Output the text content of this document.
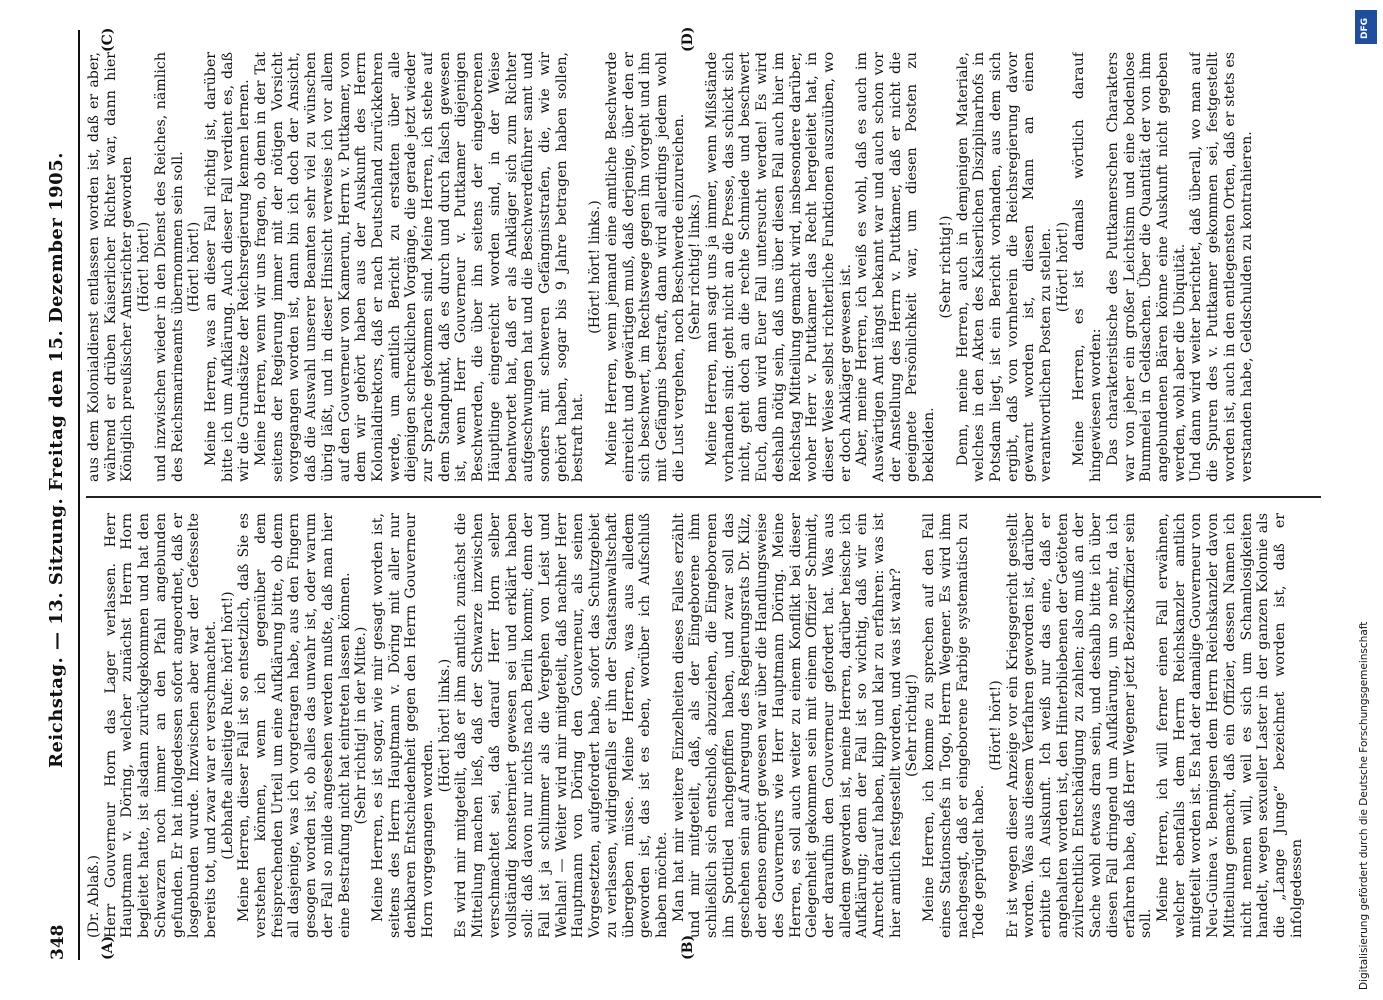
348
Reichstag. — 13. Sitzung. Freitag den 15. Dezember 1905.
(A)	(B)
(C)	(D)

(Dr. Ablaß.) Herr Gouverneur Horn das Lager verlassen. Herr Hauptmann v. Döring, welcher zunächst Herrn Horn begleitet hatte, ist alsdann zurückgekommen und hat den Schwarzen noch immer an den Pfahl angebunden gefunden. Er hat infolgedessen sofort angeordnet, daß er losgebunden wurde. Inzwischen aber war der Gefesselte bereits tot, und zwar war er verschmachtet. (Lebhafte allseitige Rufe: hört! hört!) Meine Herren, dieser Fall ist so entsetzlich, daß Sie es verstehen können, wenn ich gegenüber dem freisprechenden Urteil um eine Aufklärung bitte, ob denn all dasjenige, was ich vorgetragen habe, aus den Fingern gesogen worden ist, ob alles das unwahr ist, oder warum der Fall so milde angesehen werden mußte, daß man hier eine Bestrafung nicht hat eintreten lassen können. (Sehr richtig! in der Mitte.) Meine Herren, es ist sogar, wie mir gesagt worden ist, seitens des Herrn Hauptmann v. Döring mit aller nur denkbaren Entschiedenheit gegen den Herrn Gouverneur Horn vorgegangen worden.

(Hört! hört! links.) Es wird mir mitgeteilt, daß er ihm amtlich zunächst die Mitteilung machen ließ, daß der Schwarze inzwischen verschmachtet sei, daß darauf Herr Horn selber vollständig konsterniert gewesen sei und erklärt haben soll: daß davon nur nichts nach Berlin kommt; denn der Fall ist ja schlimmer als die Vergehen von Leist und Wehlan! — Weiter wird mir mitgeteilt, daß nachher Herr Hauptmann von Döring den Gouverneur, als seinen Vorgesetzten, aufgefordert habe, sofort das Schutzgebiet zu verlassen, widrigenfalls er ihn der Staatsanwaltschaft übergeben müsse. Meine Herren, was aus alledem geworden ist, das ist es eben, worüber ich Aufschluß haben möchte. Man hat mir weitere Einzelheiten dieses Falles erzählt und mir mitgeteilt, daß, als der Eingeborene ihm schließlich sich entschloß, abzuziehen, die Eingeborenen ihn Spottlied nachgepfiffen haben, und zwar soll das geschehen sein auf Anregung des Regierungsrats Dr. Kilz, der ebenso empört gewesen war über die Handlungsweise des Gouverneurs wie Herr Hauptmann Döring. Meine Herren, es soll auch weiter zu einem Konflikt bei dieser Gelegenheit gekommen sein mit einem Offizier Schmidt, der daraufhin den Gouverneur gefordert hat. Was aus alledem geworden ist, meine Herren, darüber heische ich Aufklärung; denn der Fall ist so wichtig, daß wir ein Anrecht darauf haben, klipp und klar zu erfahren: was ist hier amtlich festgestellt worden, und was ist wahr? (Sehr richtig!) Meine Herren, ich komme zu sprechen auf den Fall eines Stationschefs in Togo, Herrn Wegener. Es wird ihm nachgesagt, daß er eingeborene Farbige systematisch zu Tode geprügelt habe.

(Hört! hört!) Er ist wegen dieser Anzeige vor ein Kriegsgericht gestellt worden. Was aus diesem Verfahren geworden ist, darüber erbitte ich Auskunft. Ich weiß nur das eine, daß er angehalten worden ist, den Hinterbliebenen der Getöteten zivilrechtlich Entschädigung zu zahlen; also muß an der Sache wohl etwas dran sein, und deshalb bitte ich über diesen Fall dringend um Aufklärung, um so mehr, da ich erfahren habe, daß Herr Wegener jetzt Bezirksoffizier sein soll.

Meine Herren, ich will ferner einen Fall erwähnen, welcher ebenfalls dem Herrn Reichskanzler amtlich mitgeteilt worden ist. Es hat der damalige Gouverneur von Neu-Guinea v. Bennigsen dem Herrn Reichskanzler davon Mitteilung gemacht, daß ein Offizier, dessen Namen ich nicht nennen will, weil es sich um Schamlosigkeiten handelt, wegen sexueller Laster in der ganzen Kolonie als die „Lange Junge“ bezeichnet worden ist, daß er infolgedessen

aus dem Kolonialdienst entlassen worden ist, daß er aber, während er drüben Kaiserlicher Richter war, dann hier Königlich preußischer Amtsrichter geworden (Hört! hört!) und inzwischen wieder in den Dienst des Reiches, nämlich des Reichsmarineamts übernommen sein soll. (Hört! hört!) Meine Herren, was an dieser Fall richtig ist, darüber bitte ich um Aufklärung. Auch dieser Fall verdient es, daß wir die Grundsätze der Reichsregierung kennen lernen. Meine Herren, wenn wir uns fragen, ob denn in der Tat seitens der Regierung immer mit der nötigen Vorsicht vorgegangen worden ist, dann bin ich doch der Ansicht, daß die Auswahl unserer Beamten sehr viel zu wünschen übrig läßt, und in dieser Hinsicht verweise ich vor allem auf den Gouverneur von Kamerun, Herrn v. Puttkamer, von dem wir gehört haben aus der Auskunft des Herrn Kolonialdirektors, daß er nach Deutschland zurückkehren werde, um amtlich Bericht zu erstatten über alle diejenigen schrecklichen Vorgänge, die gerade jetzt wieder zur Sprache gekommen sind. Meine Herren, ich stehe auf dem Standpunkt, daß es durch und durch falsch gewesen ist, wenn Herr Gouverneur v. Puttkamer diejenigen Beschwerden, die über ihn seitens der eingeborenen Häuptlinge eingereicht worden sind, in der Weise beantwortet hat, daß er als Ankläger sich zum Richter aufgeschwungen hat und die Beschwerdeführer samt und sonders mit schweren Gefängnisstrafen, die, wie wir gehört haben, sogar bis 9 Jahre betragen haben sollen, bestraft hat.

(Hört! hört! links.) Meine Herren, wenn jemand eine amtliche Beschwerde einreicht und gewärtigen muß, daß derjenige, über den er sich beschwert, im Rechtswege gegen ihn vorgeht und ihn mit Gefängnis bestraft, dann wird allerdings jedem wohl die Lust vergehen, noch Beschwerde einzureichen. (Sehr richtig! links.) Meine Herren, man sagt uns ja immer, wenn Mißstände vorhanden sind: geht nicht an die Presse, das schickt sich nicht, geht doch an die rechte Schmiede und beschwert Euch, dann wird Euer Fall untersucht werden! Es wird deshalb nötig sein, daß uns über diesen Fall auch hier im Reichstag Mitteilung gemacht wird, insbesondere darüber, woher Herr v. Puttkamer das Recht hergeleitet hat, in dieser Weise selbst richterliche Funktionen auszuüben, wo er doch Ankläger gewesen ist. Aber, meine Herren, ich weiß es wohl, daß es auch im Auswärtigen Amt längst bekannt war und auch schon vor der Anstellung des Herrn v. Puttkamer, daß er nicht die geeignete Persönlichkeit war, um diesen Posten zu bekleiden.

(Sehr richtig!) Denn, meine Herren, auch in demjenigen Materiale, welches in den Akten des Kaiserlichen Disziplinarhofs in Potsdam liegt, ist ein Bericht vorhanden, aus dem sich ergibt, daß von vornherein die Reichsregierung davor gewarnt worden ist, diesen Mann an einen verantwortlichen Posten zu stellen. (Hört! hört!) Meine Herren, es ist damals wörtlich darauf hingewiesen worden: Das charakteristische des Puttkamerschen Charakters war von jeher ein großer Leichtsinn und eine bodenlose Bummelei in Geldsachen. Über die Quantität der von ihm angebundenen Bären könne eine Auskunft nicht gegeben werden, wohl aber die Ubiquität. Und dann wird weiter berichtet, daß überall, wo man auf die Spuren des v. Puttkamer gekommen sei, festgestellt worden ist, auch in den entlegensten Orten, daß er stets es verstanden habe, Geldschulden zu kontrahieren.

DFG
Digitalisierung gefördert durch die Deutsche Forschungsgemeinschaft
